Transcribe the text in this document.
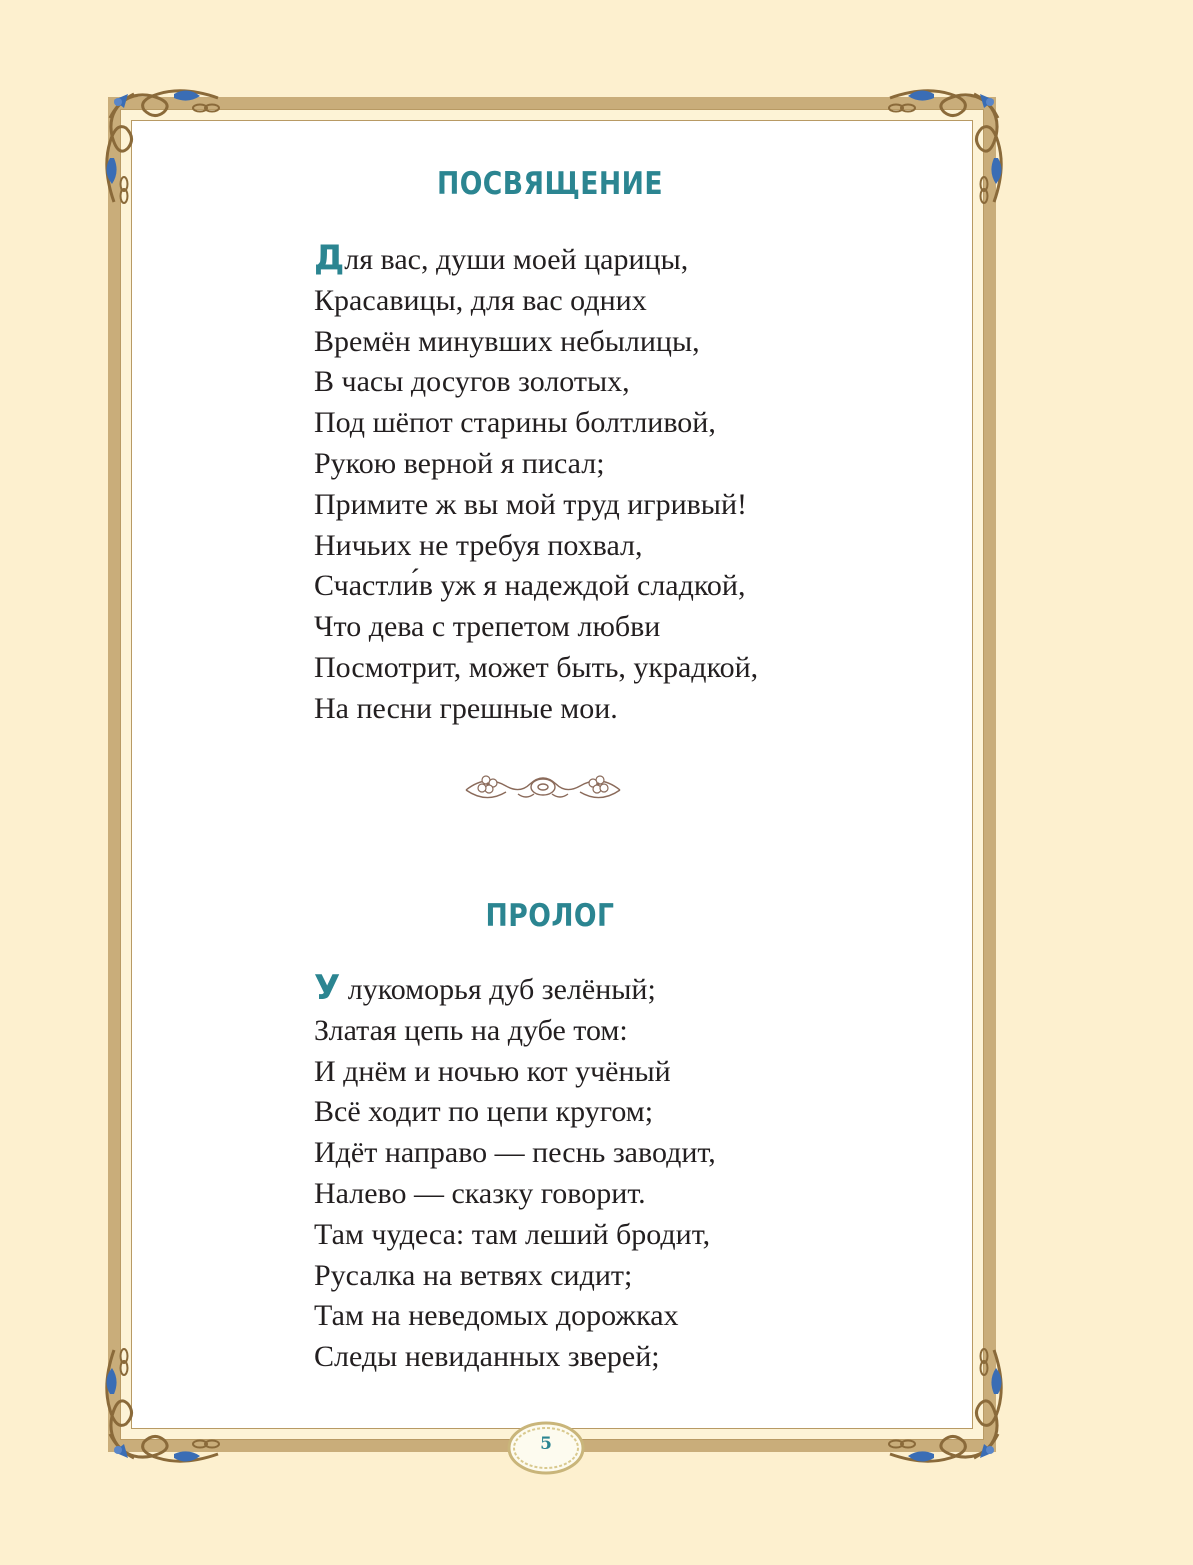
ПОСВЯЩЕНИЕ
Для вас, души моей царицы,
Красавицы, для вас одних
Времён минувших небылицы,
В часы досугов золотых,
Под шёпот старины болтливой,
Рукою верной я писал;
Примите ж вы мой труд игривый!
Ничьих не требуя похвал,
Счастли́в уж я надеждой сладкой,
Что дева с трепетом любви
Посмотрит, может быть, украдкой,
На песни грешные мои.
ПРОЛОГ
У лукоморья дуб зелёный;
Златая цепь на дубе том:
И днём и ночью кот учёный
Всё ходит по цепи кругом;
Идёт направо — песнь заводит,
Налево — сказку говорит.
Там чудеса: там леший бродит,
Русалка на ветвях сидит;
Там на неведомых дорожках
Следы невиданных зверей;
5
